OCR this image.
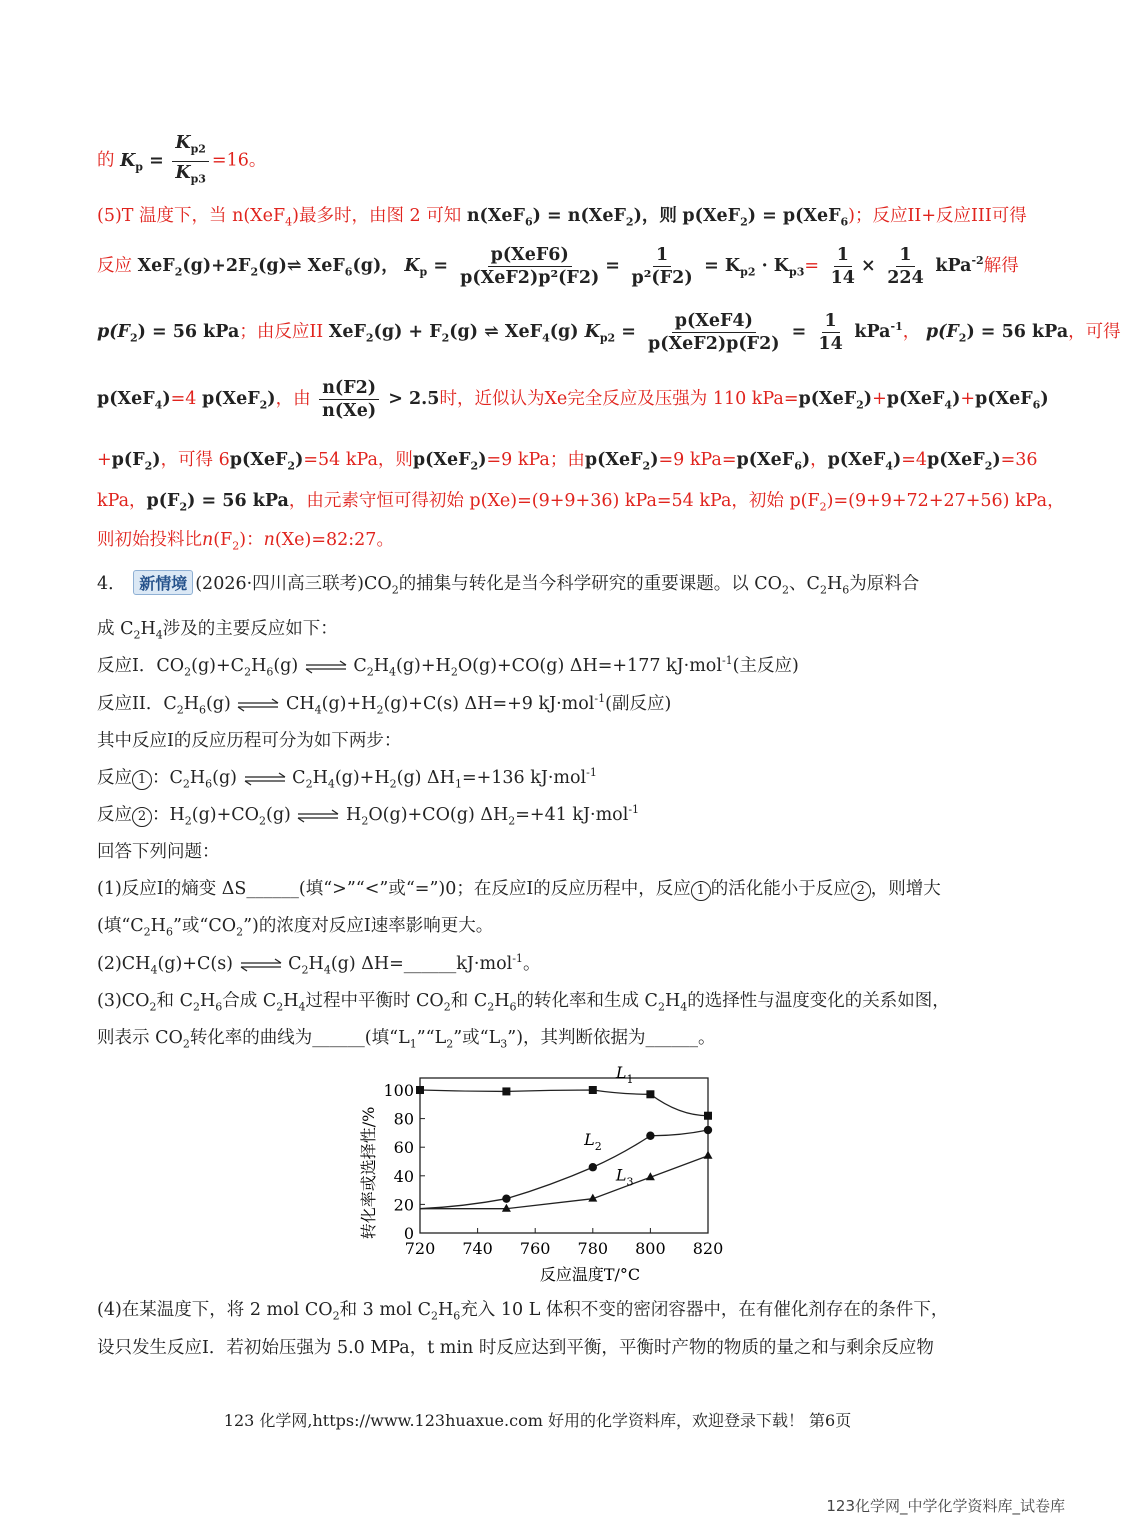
的 $K_p = \frac{K_{p2}}{K_{p3}} =16$。
(5)T 温度下，当 n(XeF$_4$)最多时，由图 2 可知 n(XeF$_6$) = n(XeF$_2$)，则 p(XeF$_2$) = p(XeF$_6$)；反应II+反应III可得
反应 $XeF_2(g)+2F_2(g)\rightleftharpoons$ XeF$_6$(g)， $K_p = \frac{\text{p(XeF6)}}{\text{p(XeF2)p²(F2)}} = \frac{1}{\text{p²(F2)}} = K_{p2} \cdot K_{p3}= \frac{1}{14} \times \frac{1}{224} kPa^{-2}$解得
$p(F_2) = 56$ kPa；由反应II $XeF_2(g) + F_2(g)$ ⇌ XeF$_4$(g) $K_{p2} = \frac{\text{p(XeF4)}}{\text{p(XeF2)p(F2)}} = \frac{1}{14} kPa^{-1}$， $p(F_2) = 56$ kPa，可得
p(XeF$_4$)=4 p(XeF$_2$)，由 $\frac{n(F2)}{n(Xe)} > 2.5$时，近似认为Xe完全反应及压强为 110 kPa=p(XeF$_2$)+p(XeF$_4$)+p(XeF$_6$)
$+p(F_2)$，可得 6p(XeF$_2$)=54 kPa，则p(XeF$_2$)=9 kPa；由p(XeF$_2$)=9 kPa=p(XeF$_6$)，p(XeF$_4$)=4p(XeF$_2$)=36
kPa，$p(F_2) = 56$ kPa，由元素守恒可得初始 p(Xe)=(9+9+36) kPa=54 kPa，初始 $p(F_2)=(9+9+72+27+56)$ kPa，
则初始投料比$n(F_2)$：n(Xe)=82:27。
4． 新情境 (2026·四川高三联考)$CO_2$的捕集与转化是当今科学研究的重要课题。以 $CO_2$、$C_2H_6$为原料合
成 $C_2H_4$涉及的主要反应如下：
反应I．$CO_2(g)+C_2H_6(g)$ ⇌ $C_2H_4(g)+H_2O(g)+CO(g)$ ΔH=+177 kJ·mol$^{-1}$(主反应)
反应II．$C_2H_6(g)$ ⇌ $CH_4(g)+H_2(g)+C(s)$ ΔH=+9 kJ·mol$^{-1}$(副反应)
其中反应I的反应历程可分为如下两步：
反应 1 ：$C_2H_6(g)$ ⇌ $C_2H_4(g)+H_2(g)$ $\Delta H_1=+136$ kJ·mol$^{-1}$
反应 2 ：$H_2(g)+CO_2(g)$ ⇌ $H_2O(g)+CO(g)$ $\Delta H_2=+41$ kJ·mol$^{-1}$
回答下列问题：
(1)反应I的熵变 ΔS______(填“>”“<”或“=”)0；在反应I的反应历程中，反应 1 的活化能小于反应 2 ，则增大
(填“$C_2H_6$”或“$CO_2$”)的浓度对反应I速率影响更大。
$(2)CH_4(g)+C(s)$ ⇌ $C_2H_4(g)$ ΔH=______kJ·mol$^{-1}$。
$(3)CO_2$和 $C_2H_6$合成 $C_2H_4$过程中平衡时 $CO_2$和 $C_2H_6$的转化率和生成 $C_2H_4$的选择性与温度变化的关系如图，
则表示 $CO_2$转化率的曲线为______(填“$L_1”“L_2$”或“$L_3$”)，其判断依据为______。
0
20
40
60
80
100
720 740 760 780 800 820
$L_1$
$L_2$
$L_3$
转化率或选择性/%
反应温度T/°C
(4)在某温度下，将 2 mol $CO_2$和 3 mol $C_2H_6$充入 10 L 体积不变的密闭容器中，在有催化剂存在的条件下，
设只发生反应I．若初始压强为 5.0 MPa，t min 时反应达到平衡，平衡时产物的物质的量之和与剩余反应物
123 化学网,https://www.123huaxue.com 好用的化学资料库，欢迎登录下载！ 第6页
123化学网_中学化学资料库_试卷库
